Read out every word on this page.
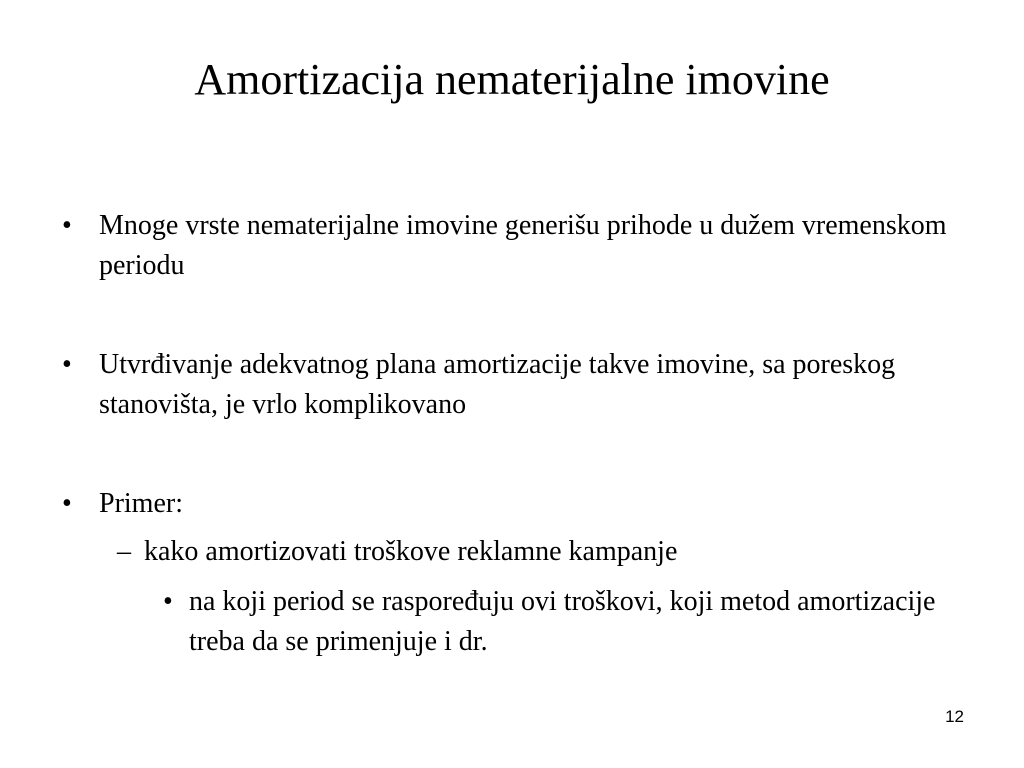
Amortizacija nematerijalne imovine
• Mnoge vrste nematerijalne imovine generišu prihode u dužem vremenskom periodu
• Utvrđivanje adekvatnog plana amortizacije takve imovine, sa poreskog stanovišta, je vrlo komplikovano
• Primer:
– kako amortizovati troškove reklamne kampanje
• na koji period se raspoređuju ovi troškovi, koji metod amortizacije treba da se primenjuje i dr.
12
